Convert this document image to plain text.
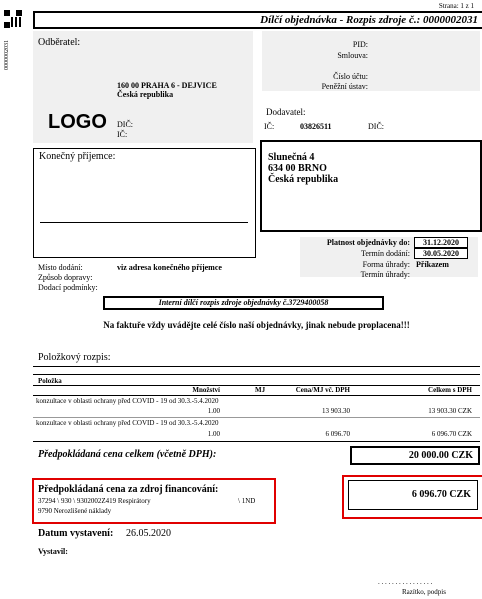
0000002031
Strana: 1 z 1
Dílčí objednávka - Rozpis zdroje č.: 0000002031
Odběratel:	PID:
Smlouva:
Číslo účtu:
Peněžní ústav:
160 00 PRAHA 6 - DEJVICE
Česká republika
LOGO DIČ:
IČ:
Dodavatel:
IČ:	03826511	DIČ:
Slunečná 4
634 00 BRNO
Česká republika
Konečný příjemce:
Platnost objednávky do:	31.12.2020
Termín dodání:	30.05.2020
Forma úhrady: Příkazem
Termín úhrady:
Místo dodání:	viz adresa konečného příjemce
Způsob dopravy:
Dodací podmínky:
Interní dílčí rozpis zdroje objednávky č.3729400058
Na faktuře vždy uvádějte celé číslo naší objednávky, jinak nebude proplacena!!!
Položkový rozpis:
Položka
Množství	MJ	Cena/MJ vč. DPH	Celkem s DPH
konzultace v oblasti ochrany před COVID - 19 od 30.3.-5.4.2020
1.00	13 903.30	13 903.30 CZK
konzultace v oblasti ochrany před COVID - 19 od 30.3.-5.4.2020
1.00	6 096.70	6 096.70 CZK
Předpokládaná cena celkem (včetně DPH):	20 000.00 CZK
Předpokládaná cena za zdroj financování:
37294 \ 930 \ 9302002Z419 Respirátory	\ 1ND
9790 Nerozlišené náklady
6 096.70 CZK
Datum vystavení: 26.05.2020
Vystavil:
. . . . . . . . . . . . . . . .
Razítko, podpis
